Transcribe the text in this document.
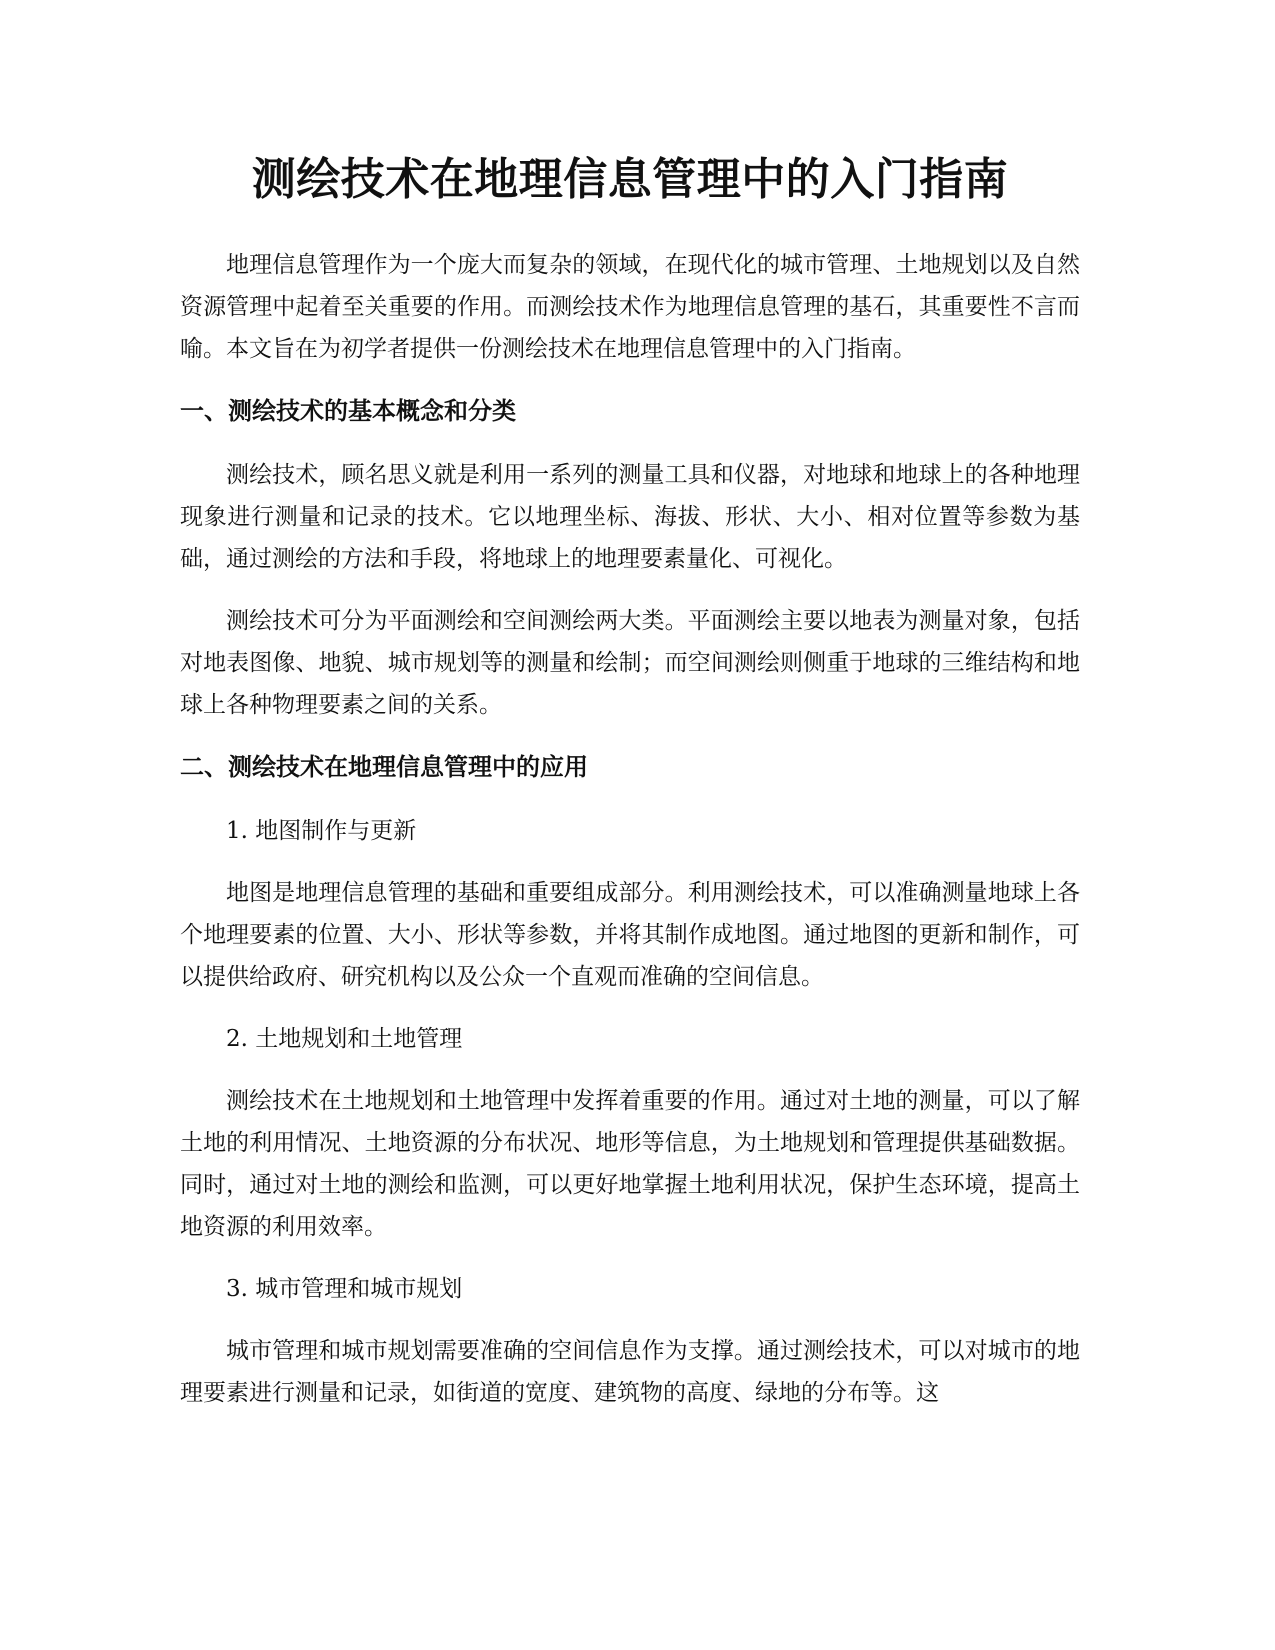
测绘技术在地理信息管理中的入门指南

地理信息管理作为一个庞大而复杂的领域，在现代化的城市管理、土地规划以及自然资源管理中起着至关重要的作用。而测绘技术作为地理信息管理的基石，其重要性不言而喻。本文旨在为初学者提供一份测绘技术在地理信息管理中的入门指南。

一、测绘技术的基本概念和分类

测绘技术，顾名思义就是利用一系列的测量工具和仪器，对地球和地球上的各种地理现象进行测量和记录的技术。它以地理坐标、海拔、形状、大小、相对位置等参数为基础，通过测绘的方法和手段，将地球上的地理要素量化、可视化。

测绘技术可分为平面测绘和空间测绘两大类。平面测绘主要以地表为测量对象，包括对地表图像、地貌、城市规划等的测量和绘制；而空间测绘则侧重于地球的三维结构和地球上各种物理要素之间的关系。

二、测绘技术在地理信息管理中的应用

1. 地图制作与更新

地图是地理信息管理的基础和重要组成部分。利用测绘技术，可以准确测量地球上各个地理要素的位置、大小、形状等参数，并将其制作成地图。通过地图的更新和制作，可以提供给政府、研究机构以及公众一个直观而准确的空间信息。

2. 土地规划和土地管理

测绘技术在土地规划和土地管理中发挥着重要的作用。通过对土地的测量，可以了解土地的利用情况、土地资源的分布状况、地形等信息，为土地规划和管理提供基础数据。同时，通过对土地的测绘和监测，可以更好地掌握土地利用状况，保护生态环境，提高土地资源的利用效率。

3. 城市管理和城市规划

城市管理和城市规划需要准确的空间信息作为支撑。通过测绘技术，可以对城市的地理要素进行测量和记录，如街道的宽度、建筑物的高度、绿地的分布等。这
